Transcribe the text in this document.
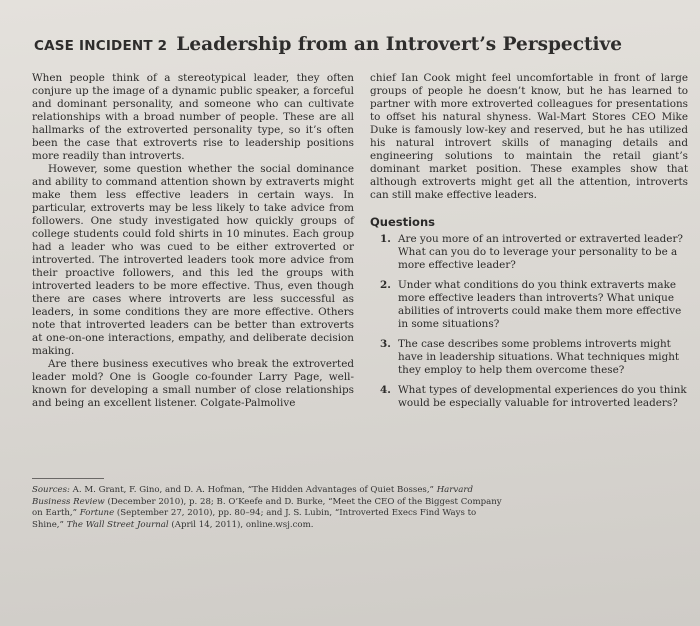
CASE INCIDENT 2 Leadership from an Introvert’s Perspective

When people think of a stereotypical leader, they often conjure up the image of a dynamic public speaker, a forceful and dominant personality, and someone who can cultivate relationships with a broad number of people. These are all hallmarks of the extroverted personality type, so it’s often been the case that extroverts rise to leadership positions more readily than introverts.

However, some question whether the social dominance and ability to command attention shown by extraverts might make them less effective leaders in certain ways. In particular, extroverts may be less likely to take advice from followers. One study investigated how quickly groups of college students could fold shirts in 10 minutes. Each group had a leader who was cued to be either extroverted or introverted. The introverted leaders took more advice from their proactive followers, and this led the groups with introverted leaders to be more effective. Thus, even though there are cases where introverts are less successful as leaders, in some conditions they are more effective. Others note that introverted leaders can be better than extroverts at one-on-one interactions, empathy, and deliberate decision making.

Are there business executives who break the extroverted leader mold? One is Google co-founder Larry Page, well-known for developing a small number of close relationships and being an excellent listener. Colgate-Palmolive

chief Ian Cook might feel uncomfortable in front of large groups of people he doesn’t know, but he has learned to partner with more extroverted colleagues for presentations to offset his natural shyness. Wal-Mart Stores CEO Mike Duke is famously low-key and reserved, but he has utilized his natural introvert skills of managing details and engineering solutions to maintain the retail giant’s dominant market position. These examples show that although extroverts might get all the attention, introverts can still make effective leaders.

Questions
1. Are you more of an introverted or extraverted leader? What can you do to leverage your personality to be a more effective leader?
2. Under what conditions do you think extraverts make more effective leaders than introverts? What unique abilities of introverts could make them more effective in some situations?
3. The case describes some problems introverts might have in leadership situations. What techniques might they employ to help them overcome these?
4. What types of developmental experiences do you think would be especially valuable for introverted leaders?
Sources: A. M. Grant, F. Gino, and D. A. Hofman, “The Hidden Advantages of Quiet Bosses,” Harvard Business Review (December 2010), p. 28; B. O’Keefe and D. Burke, “Meet the CEO of the Biggest Company on Earth,” Fortune (September 27, 2010), pp. 80–94; and J. S. Lubin, “Introverted Execs Find Ways to Shine,” The Wall Street Journal (April 14, 2011), online.wsj.com.
